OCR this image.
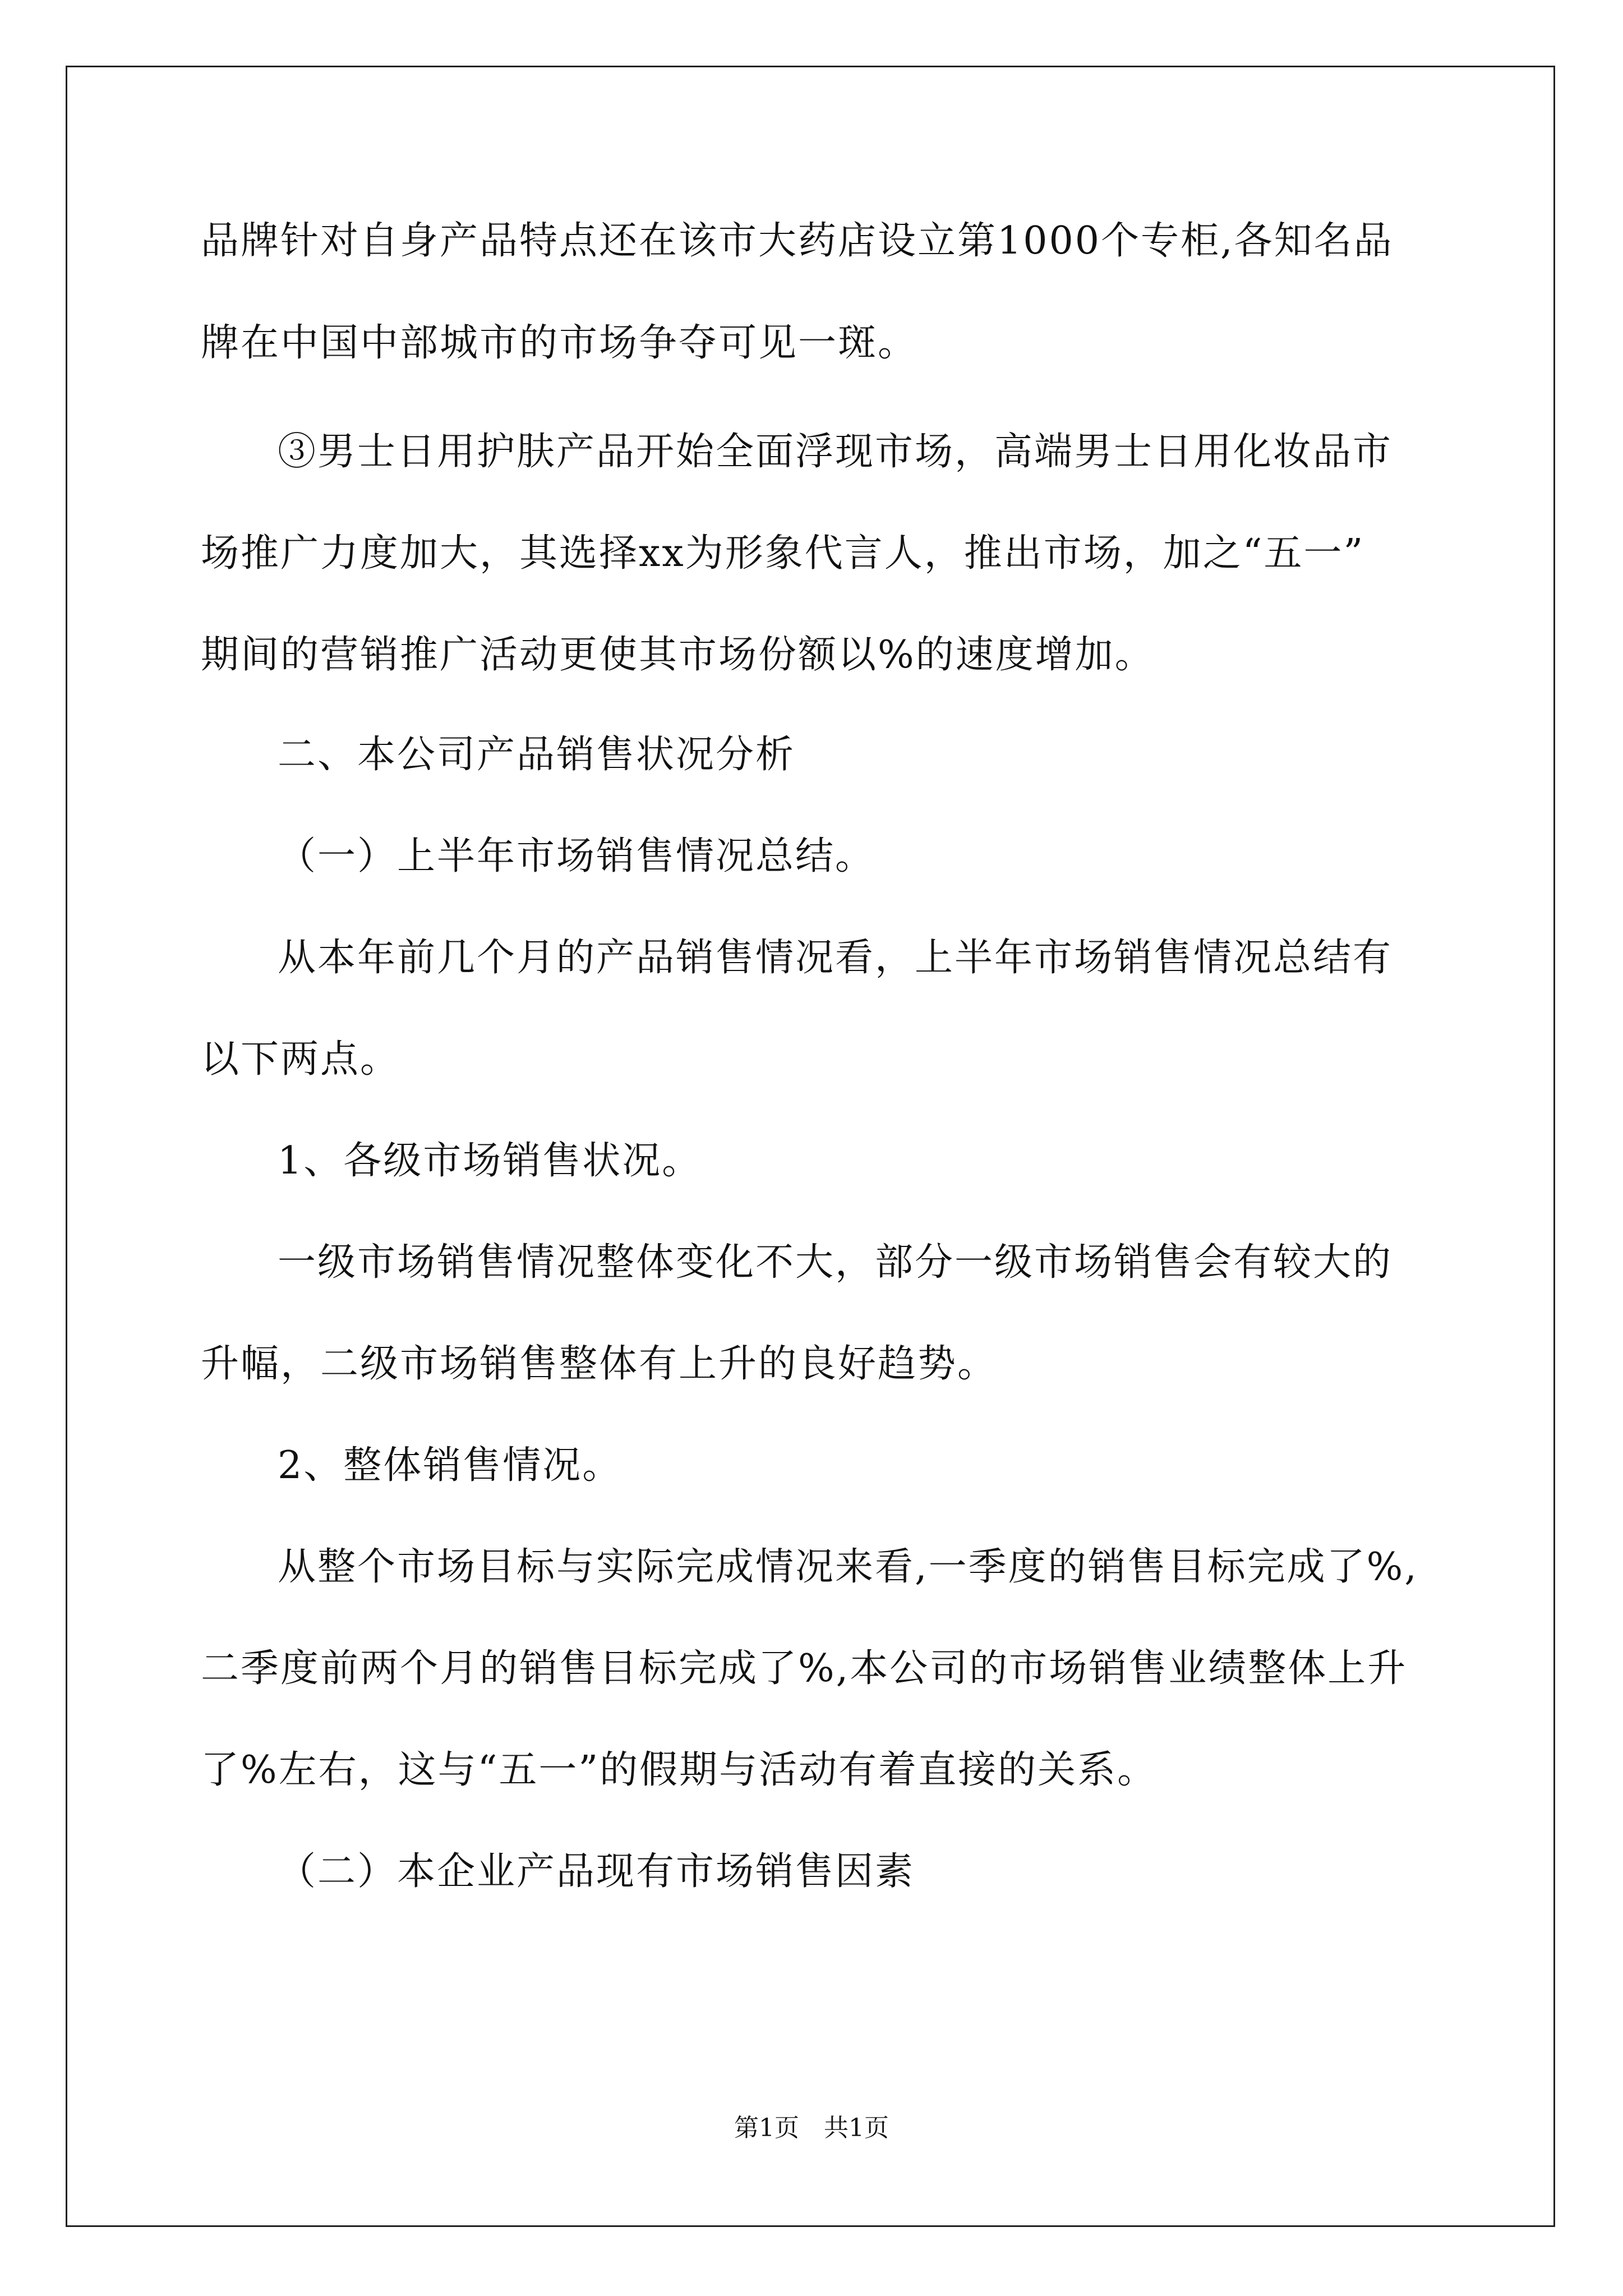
品牌针对自身产品特点还在该市大药店设立第1000个专柜,各知名品
牌在中国中部城市的市场争夺可见一斑。
③男士日用护肤产品开始全面浮现市场，高端男士日用化妆品市
场推广力度加大，其选择xx为形象代言人，推出市场，加之“五一”
期间的营销推广活动更使其市场份额以%的速度增加。
二、本公司产品销售状况分析
（一）上半年市场销售情况总结。
从本年前几个月的产品销售情况看，上半年市场销售情况总结有
以下两点。
1、各级市场销售状况。
一级市场销售情况整体变化不大，部分一级市场销售会有较大的
升幅，二级市场销售整体有上升的良好趋势。
2、整体销售情况。
从整个市场目标与实际完成情况来看,一季度的销售目标完成了%,
二季度前两个月的销售目标完成了%,本公司的市场销售业绩整体上升
了%左右，这与“五一”的假期与活动有着直接的关系。
（二）本企业产品现有市场销售因素
第1页　共1页
